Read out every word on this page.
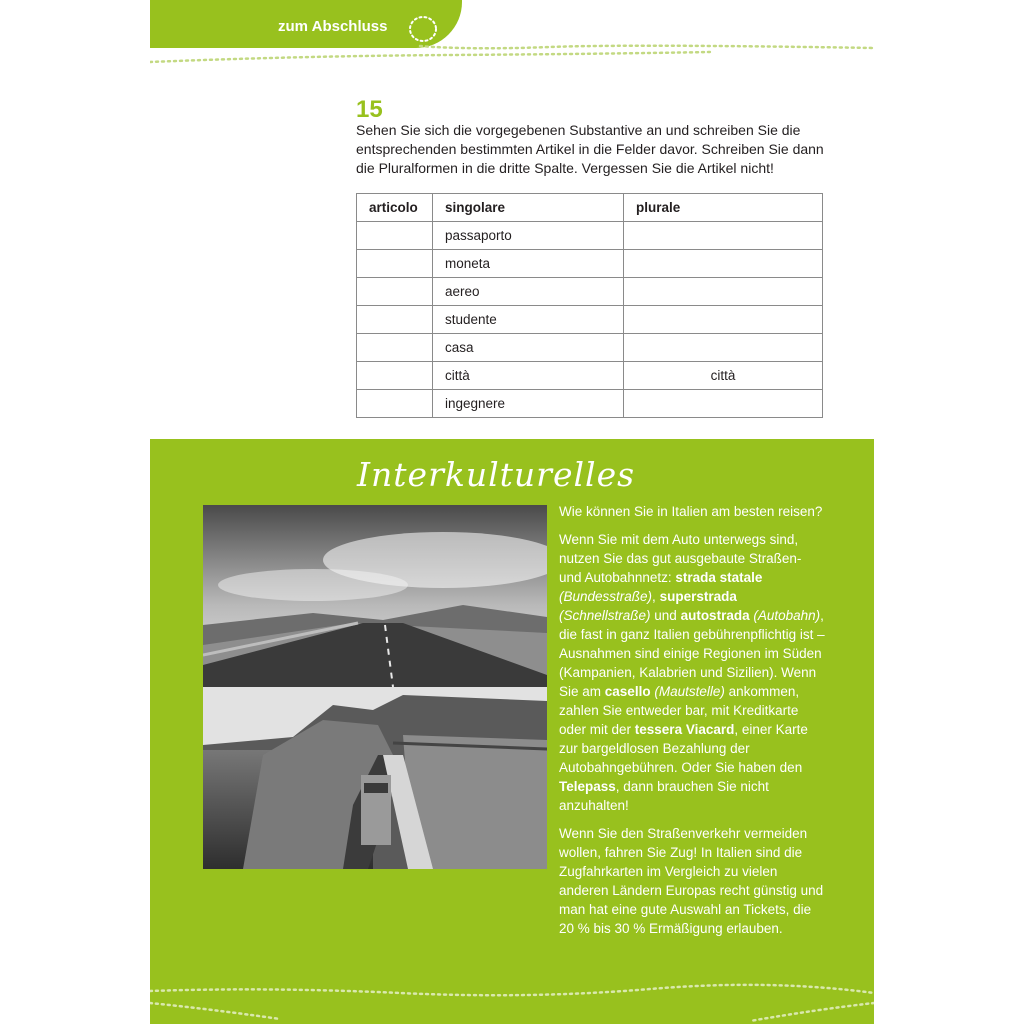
zum Abschluss
15
Sehen Sie sich die vorgegebenen Substantive an und schreiben Sie die entsprechenden bestimmten Artikel in die Felder davor. Schreiben Sie dann die Pluralformen in die dritte Spalte. Vergessen Sie die Artikel nicht!
articolo	singolare	plurale
	passaporto	
	moneta	
	aereo	
	studente	
	casa	
	città	città
	ingegnere	
Interkulturelles
Wie können Sie in Italien am besten reisen?

Wenn Sie mit dem Auto unterwegs sind, nutzen Sie das gut ausgebaute Straßen- und Autobahnnetz: strada statale (Bundesstraße), superstrada (Schnellstraße) und autostrada (Autobahn), die fast in ganz Italien gebührenpflichtig ist – Ausnahmen sind einige Regionen im Süden (Kampanien, Kalabrien und Sizilien). Wenn Sie am casello (Mautstelle) ankommen, zahlen Sie entweder bar, mit Kreditkarte oder mit der tessera Viacard, einer Karte zur bargeldlosen Bezahlung der Autobahngebühren. Oder Sie haben den Telepass, dann brauchen Sie nicht anzuhalten!

Wenn Sie den Straßenverkehr vermeiden wollen, fahren Sie Zug! In Italien sind die Zugfahrkarten im Vergleich zu vielen anderen Ländern Europas recht günstig und man hat eine gute Auswahl an Tickets, die 20 % bis 30 % Ermäßigung erlauben.
